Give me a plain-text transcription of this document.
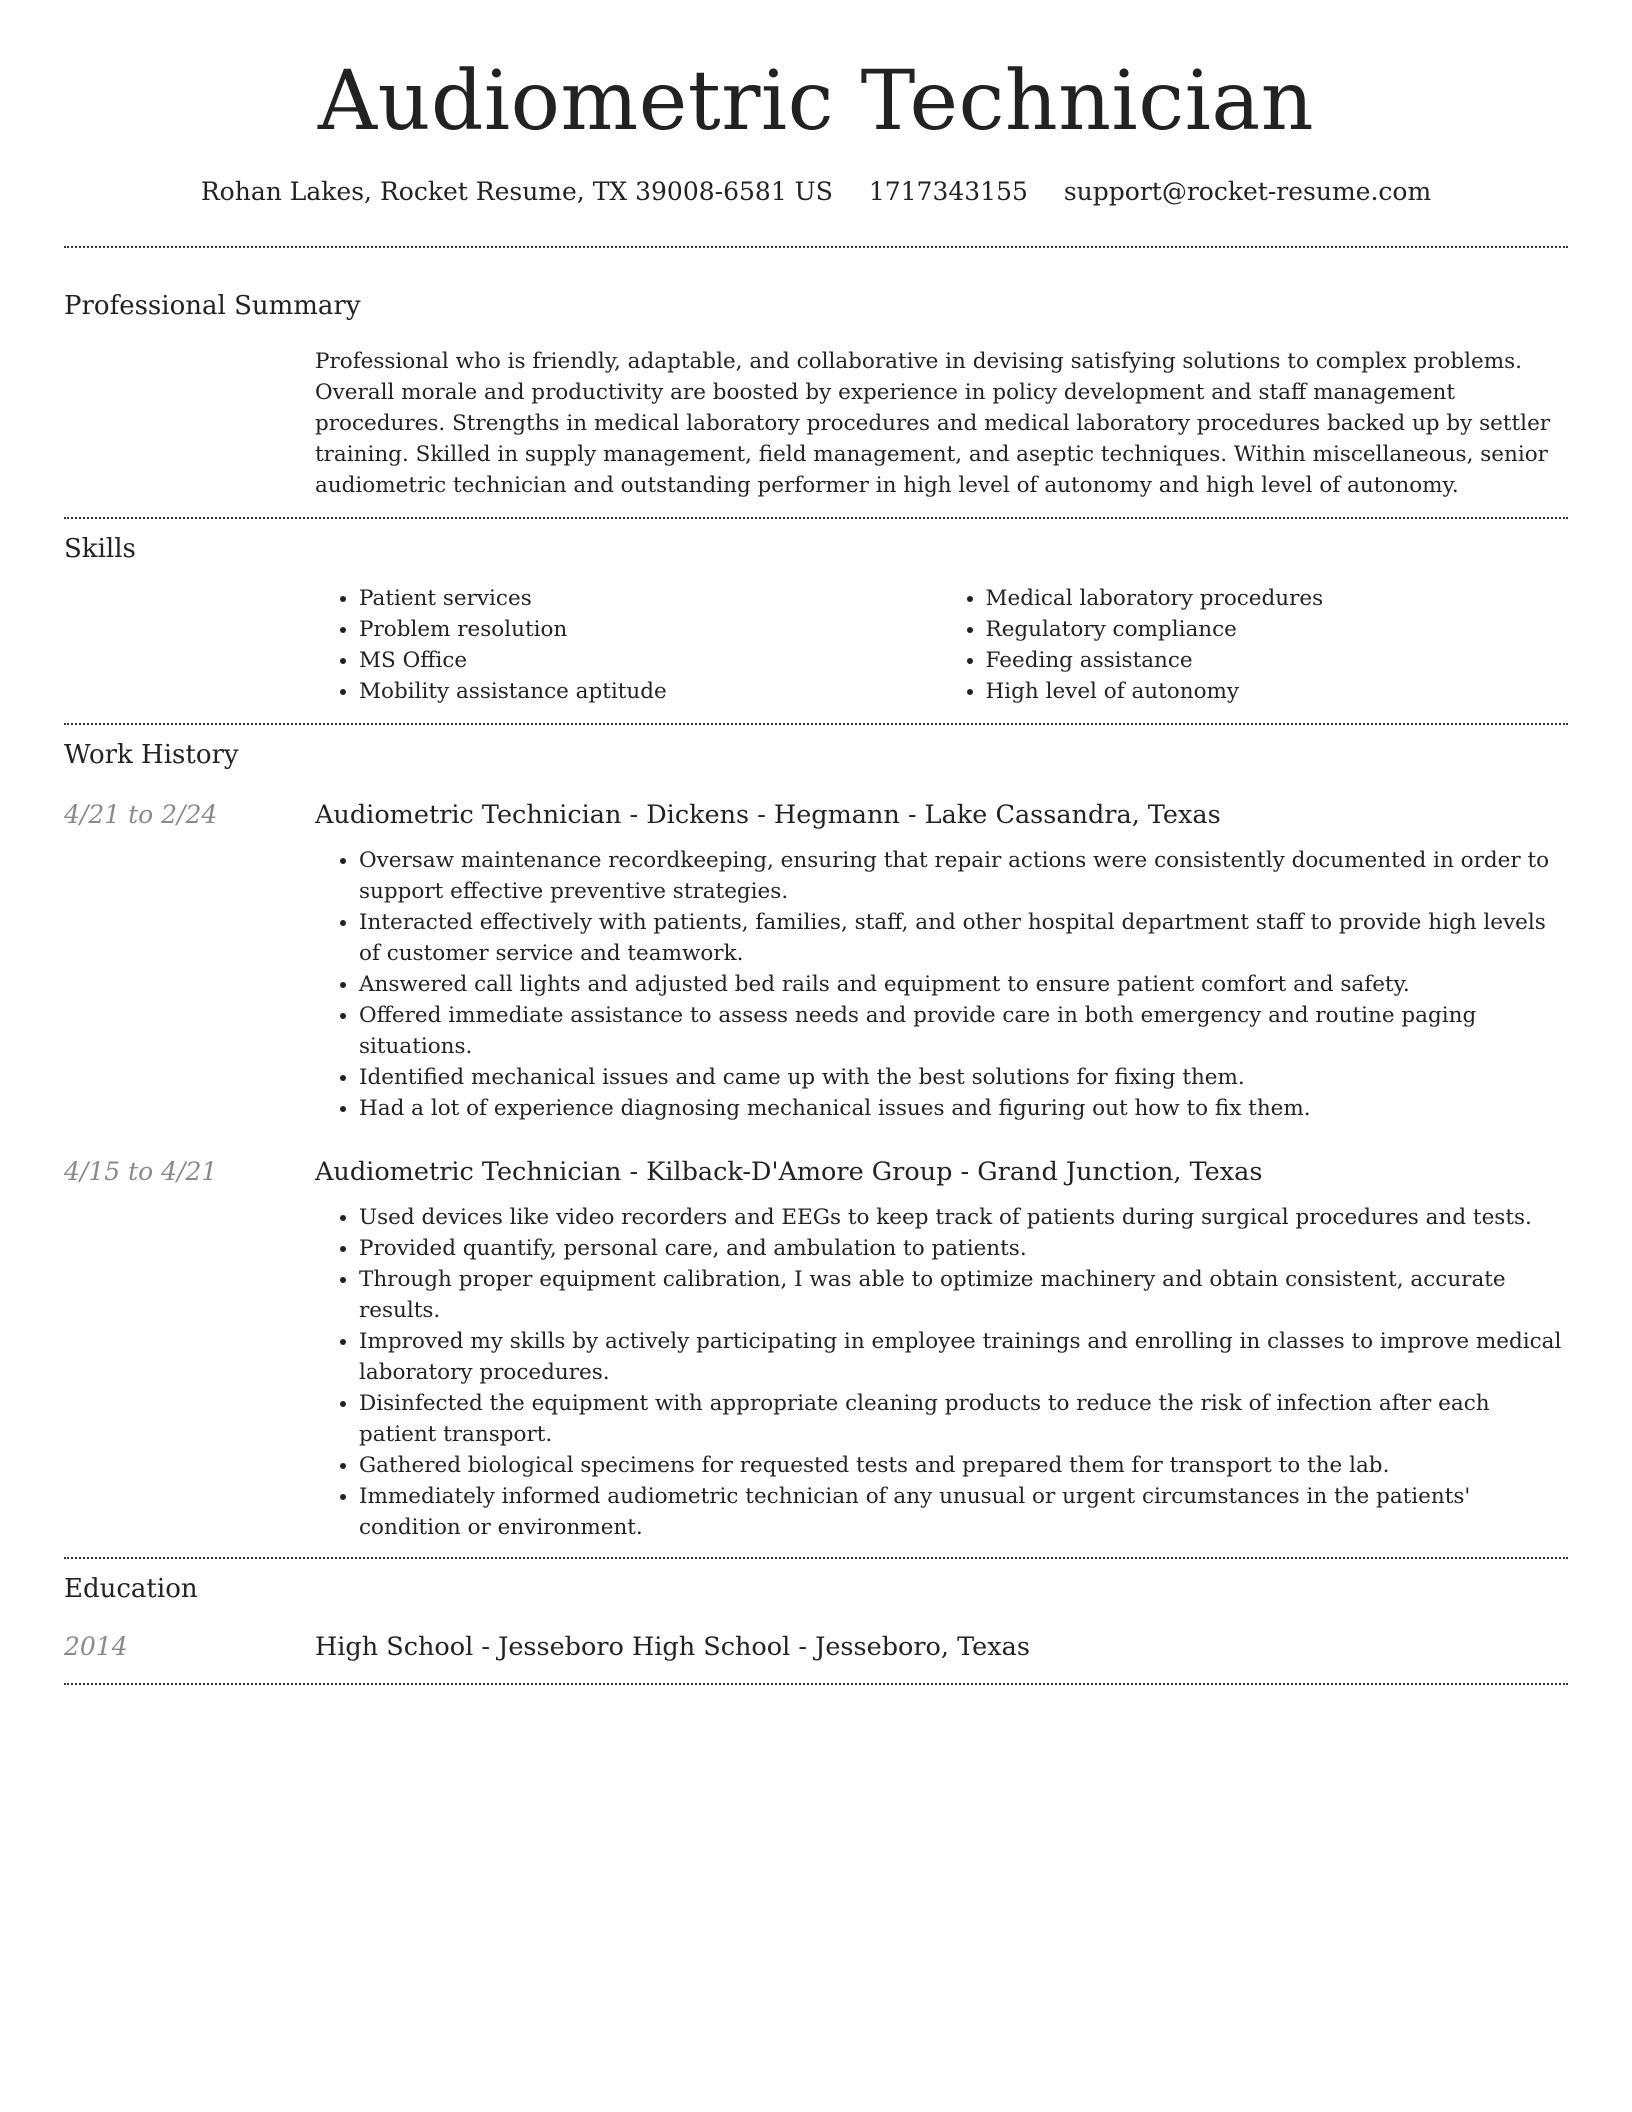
Audiometric Technician
Rohan Lakes, Rocket Resume, TX 39008-6581 US 1717343155 support@rocket-resume.com
Professional Summary
Professional who is friendly, adaptable, and collaborative in devising satisfying solutions to complex problems. Overall morale and productivity are boosted by experience in policy development and staff management procedures. Strengths in medical laboratory procedures and medical laboratory procedures backed up by settler training. Skilled in supply management, field management, and aseptic techniques. Within miscellaneous, senior audiometric technician and outstanding performer in high level of autonomy and high level of autonomy.
Skills
• Patient services
• Problem resolution
• MS Office
• Mobility assistance aptitude
• Medical laboratory procedures
• Regulatory compliance
• Feeding assistance
• High level of autonomy
Work History
4/21 to 2/24	Audiometric Technician - Dickens - Hegmann - Lake Cassandra, Texas
• Oversaw maintenance recordkeeping, ensuring that repair actions were consistently documented in order to support effective preventive strategies.
• Interacted effectively with patients, families, staff, and other hospital department staff to provide high levels of customer service and teamwork.
• Answered call lights and adjusted bed rails and equipment to ensure patient comfort and safety.
• Offered immediate assistance to assess needs and provide care in both emergency and routine paging situations.
• Identified mechanical issues and came up with the best solutions for fixing them.
• Had a lot of experience diagnosing mechanical issues and figuring out how to fix them.
4/15 to 4/21	Audiometric Technician - Kilback-D'Amore Group - Grand Junction, Texas
• Used devices like video recorders and EEGs to keep track of patients during surgical procedures and tests.
• Provided quantify, personal care, and ambulation to patients.
• Through proper equipment calibration, I was able to optimize machinery and obtain consistent, accurate results.
• Improved my skills by actively participating in employee trainings and enrolling in classes to improve medical laboratory procedures.
• Disinfected the equipment with appropriate cleaning products to reduce the risk of infection after each patient transport.
• Gathered biological specimens for requested tests and prepared them for transport to the lab.
• Immediately informed audiometric technician of any unusual or urgent circumstances in the patients' condition or environment.
Education
2014	High School - Jesseboro High School - Jesseboro, Texas
